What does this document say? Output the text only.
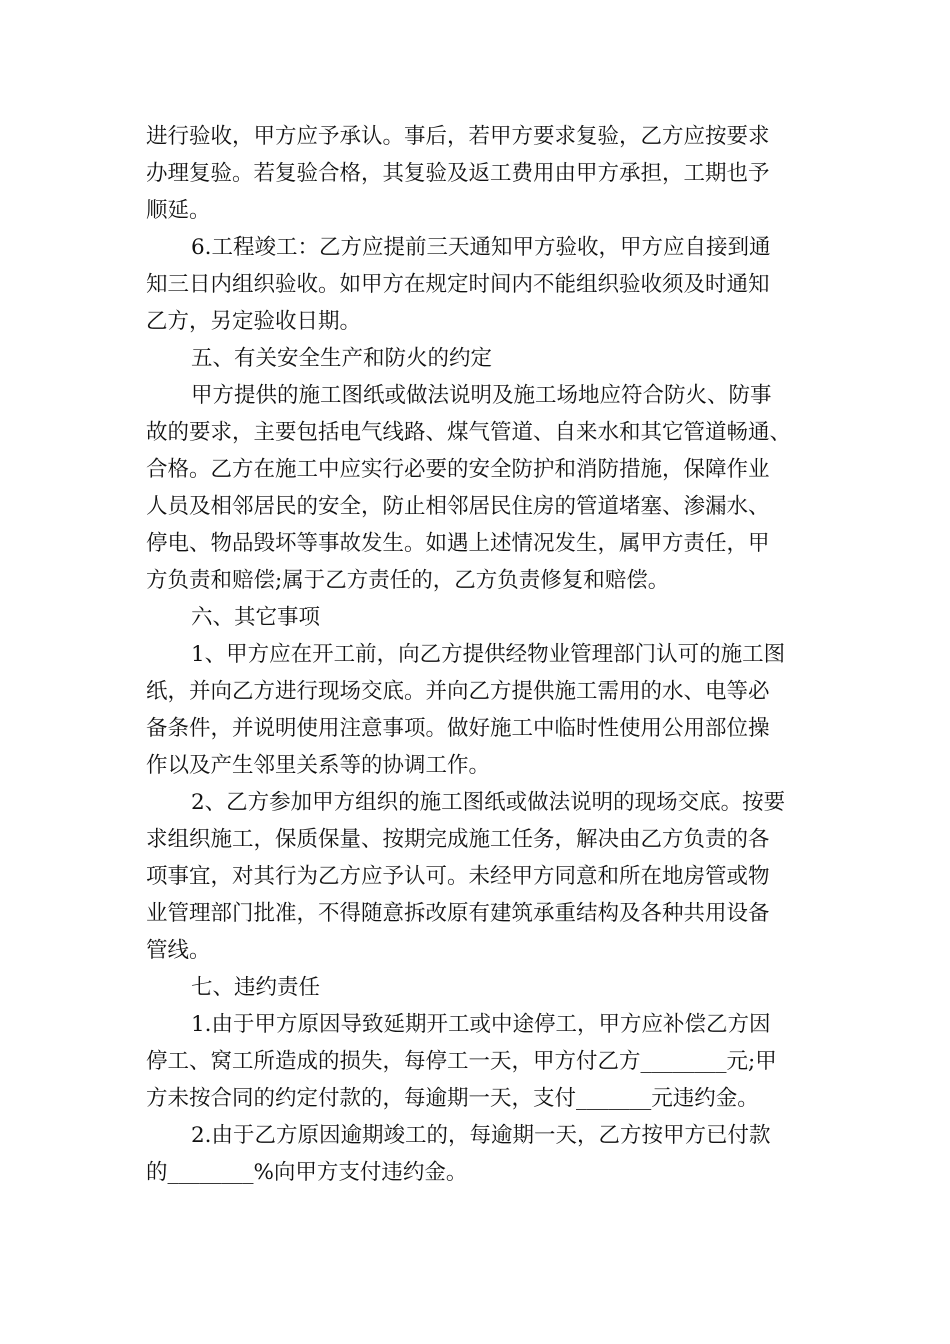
进行验收，甲方应予承认。事后，若甲方要求复验，乙方应按要求
办理复验。若复验合格，其复验及返工费用由甲方承担，工期也予
顺延。
6.工程竣工：乙方应提前三天通知甲方验收，甲方应自接到通
知三日内组织验收。如甲方在规定时间内不能组织验收须及时通知
乙方，另定验收日期。
五、有关安全生产和防火的约定
甲方提供的施工图纸或做法说明及施工场地应符合防火、防事
故的要求，主要包括电气线路、煤气管道、自来水和其它管道畅通、
合格。乙方在施工中应实行必要的安全防护和消防措施，保障作业
人员及相邻居民的安全，防止相邻居民住房的管道堵塞、渗漏水、
停电、物品毁坏等事故发生。如遇上述情况发生，属甲方责任，甲
方负责和赔偿;属于乙方责任的，乙方负责修复和赔偿。
六、其它事项
1、甲方应在开工前，向乙方提供经物业管理部门认可的施工图
纸，并向乙方进行现场交底。并向乙方提供施工需用的水、电等必
备条件，并说明使用注意事项。做好施工中临时性使用公用部位操
作以及产生邻里关系等的协调工作。
2、乙方参加甲方组织的施工图纸或做法说明的现场交底。按要
求组织施工，保质保量、按期完成施工任务，解决由乙方负责的各
项事宜，对其行为乙方应予认可。未经甲方同意和所在地房管或物
业管理部门批准，不得随意拆改原有建筑承重结构及各种共用设备
管线。
七、违约责任
1.由于甲方原因导致延期开工或中途停工，甲方应补偿乙方因
停工、窝工所造成的损失，每停工一天，甲方付乙方________元;甲
方未按合同的约定付款的，每逾期一天，支付_______元违约金。
2.由于乙方原因逾期竣工的，每逾期一天，乙方按甲方已付款
的________%向甲方支付违约金。
